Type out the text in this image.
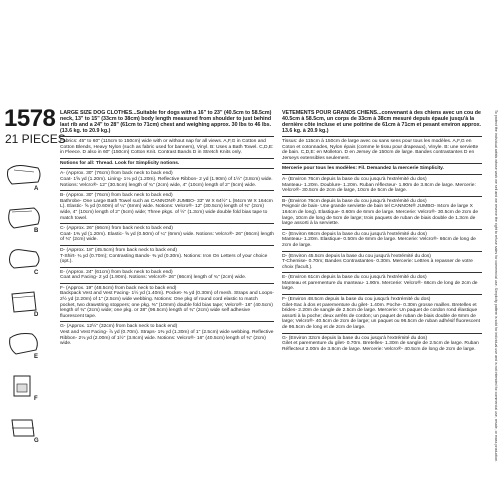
1578
21 PIECES
A
B
C
D
E
F
G
LARGE SIZE DOG CLOTHES...Suitable for dogs with a 16" to 23" (40.5cm to 58.5cm) neck, 13" to 15" (33cm to 38cm) body length measured from shoulder to just behind last rib and a 24" to 28" (61cm to 71cm) chest and weighing approx. 30 lbs to 46 lbs. (13.6 kg. to 20.9 kg.)
Fabrics: 45" to 60" (115cm to 150cm) wide with or without nap for all views. A,F,G in Cotton and Cotton Blends, Heavy Nylon (such as fabric used for banners), Vinyl. B: Uses a Bath Towel. C,D,E: in Fleece. D also in 60" (150cm) Cotton Knit. Contrast Bands D in Stretch Knits only.
Notions for all: Thread. Look for Simplicity notions.
A- (Approx. 30" (76cm) from back neck to back end)
Coat- 1⅝ yd (1.20m). Lining- 1⅛ yd (1.20m). Reflective Ribbon- 2 yd (1.90m) of 1½" (3.8cm) wide. Notions: Velcro®- 12" (30.5cm) length of ¾" (2cm) wide, 4" (10cm) length of 2" (5cm) wide.
B- (Approx. 30" (76cm) from back neck to back end)
Bathrobe- One Large Bath Towel such as CANNON® JUMBO- 33" W X 64½" L (84cm W X 164cm L). Elastic- ⅝ yd (0.60m) of ¼" (6mm) wide. Notions: Velcro®- 12" (30.5cm) length of ¾" (2cm) wide, 4" (10cm) length of 2" (5cm) wide; Three pkgs. of ½" (1.3cm) wide double fold bias tape to match towel.
C- (Approx. 26" (66cm) from back neck to back end)
Coat- 1⅜ yd (1.20m). Elastic- ⅝ yd (0.50m) of ¼" (6mm) wide. Notions: Velcro®- 26" (66cm) length of ¾" (2cm) wide.
D- (Approx. 18" (45.5cm) from back neck to back end)
T-Shirt- ¾ yd (0.70m); Contrasting Bands- ⅜ yd (0.30m). Notions: Iron On Letters of your choice (opt.).
E- (Approx. 24" (61cm) from back neck to back end)
Coat and Facing- 2 yd (1.90m). Notions: Velcro®- 26" (66cm) length of ¾" (2cm) wide.
F- (Approx. 19" (48.5cm) from back neck to back end)
Backpack Vest and Vest Facing- 1½ yd (1.40m). Pocket- ⅜ yd (0.30m) of mesh. Straps and Loops- 2½ yd (2.20m) of 1" (2.5cm) wide webbing. Notions: One pkg of round cord elastic to match pocket, two drawstring stoppers; one pkg. ⅜" (10mm) double fold bias tape; Velcro®- 16" (40.5cm) length of ¾" (2cm) wide; one pkg. or 38" (96.5cm) length of ¾" (2cm) wide self adhesive fluorescent tape.
G- (Approx. 12½" (32cm) from back neck to back end)
Vest and Vest Facing- ⅞ yd (0.70m). Straps- 1⅜ yd (1.30m) of 1" (2.5cm) wide webbing. Reflective Ribbon- 2⅛ yd (2.00m) of 1½" (3.8cm) wide. Notions: Velcro®- 16" (40.5cm) length of ¾" (2cm) wide.
VETEMENTS POUR GRANDS CHIENS...convenant à des chiens avec un cou de 40.5cm à 58.5cm, un corps de 33cm à 38cm mesuré depuis épaule jusqu'à la dernière côte incluse et une poitrine de 61cm à 71cm et pesant environ approx. 13.6 kg. à 20.9 kg.)
Tissus: de 115cm à 150cm de large avec ou sans sens pour tous les modèles. A,F,G en Coton et cotonnades, Nylon épais (comme le tissu pour drapeaux), Vinyle. B: une serviette de bain. C,D,E: en Molleton. D en Jersey de 150cm de large. Bandes contrastantes D en Jerseys extensibles seulement.
Mercerie pour tous les modèles: Fil. Demandez la mercerie Simplicity.
A- (Environ 76cm depuis la base du cou jusqu'à l'extrémité du dos)
Manteau- 1.20m. Doublure- 1.20m. Ruban réflecteur- 1.90m de 3.8cm de large. Mercerie: Velcro®- 30.5cm de 2cm de large, 10cm de 5cm de large.
B- (Environ 76cm depuis la base du cou jusqu'à l'extrémité du dos)
Peignoir de bain- Une grande serviette de bain tel CANNON® JUMBO- 84cm de large X 164cm de long). Elastique- 0.60m de 6mm de large. Mercerie: Velcro®- 30.5cm de 2cm de large, 10cm de long de 5cm de large; trois paquets de ruban de biais double de 1.3cm de large assorti à la serviette.
C- (Environ 66cm depuis la base du cou jusqu'à l'extrémité du dos)
Manteau- 1.20m. Elastique- 0.50m de 6mm de large. Mercerie: Velcro®- 66cm de long de 2cm de large.
D- (Environ 45.5cm depuis la base du cou jusqu'à l'extrémité du dos)
T-Chemise- 0.70m; Bandes Contrastantes- 0.30m. Mercerie: Lettres à repasser de votre choix (facult.).
E- (Environ 61cm depuis la base du cou jusqu'à l'extrémité du dos)
Manteau et parementure du manteau- 1.90m. Mercerie: Velcro®- 66cm de long de 2cm de large.
F- (Environ 48.5cm depuis la base du cou jusqu'à l'extrémité du dos)
Gilet-Sac à dos et parementure du gilet- 1.40m. Poche- 0.30m grosse mailles. Bretelles et brides- 2.20m de sangle de 2.5cm de large. Mercerie: Un paquet de cordon rond élastique assorti à la poche; deux arrêts de cordon; un paquet de ruban de biais double de 6mm de large; Velcro®- 40.5cm de 2cm de large; un paquet ou 96.5cm de ruban adhésif fluorescent de 96.5cm de long et de 2cm de large.
G- (Environ 32cm depuis la base du cou jusqu'à l'extrémité du dos)
Gilet et parementure du gilet- 0.70m. Bretelles- 1.30m de sangle de 2.5cm de large. Ruban Réflecteur 2.00m de 3.8cm de large. Mercerie: Velcro®- 40.5cm de long de 2cm de large.	To protect the individual artists whose work we sell and we reserve the right to refuse sales for commercial use. Simplicity pattern is sold for individual use and is not intended for commercial use, resale, or mass production.
